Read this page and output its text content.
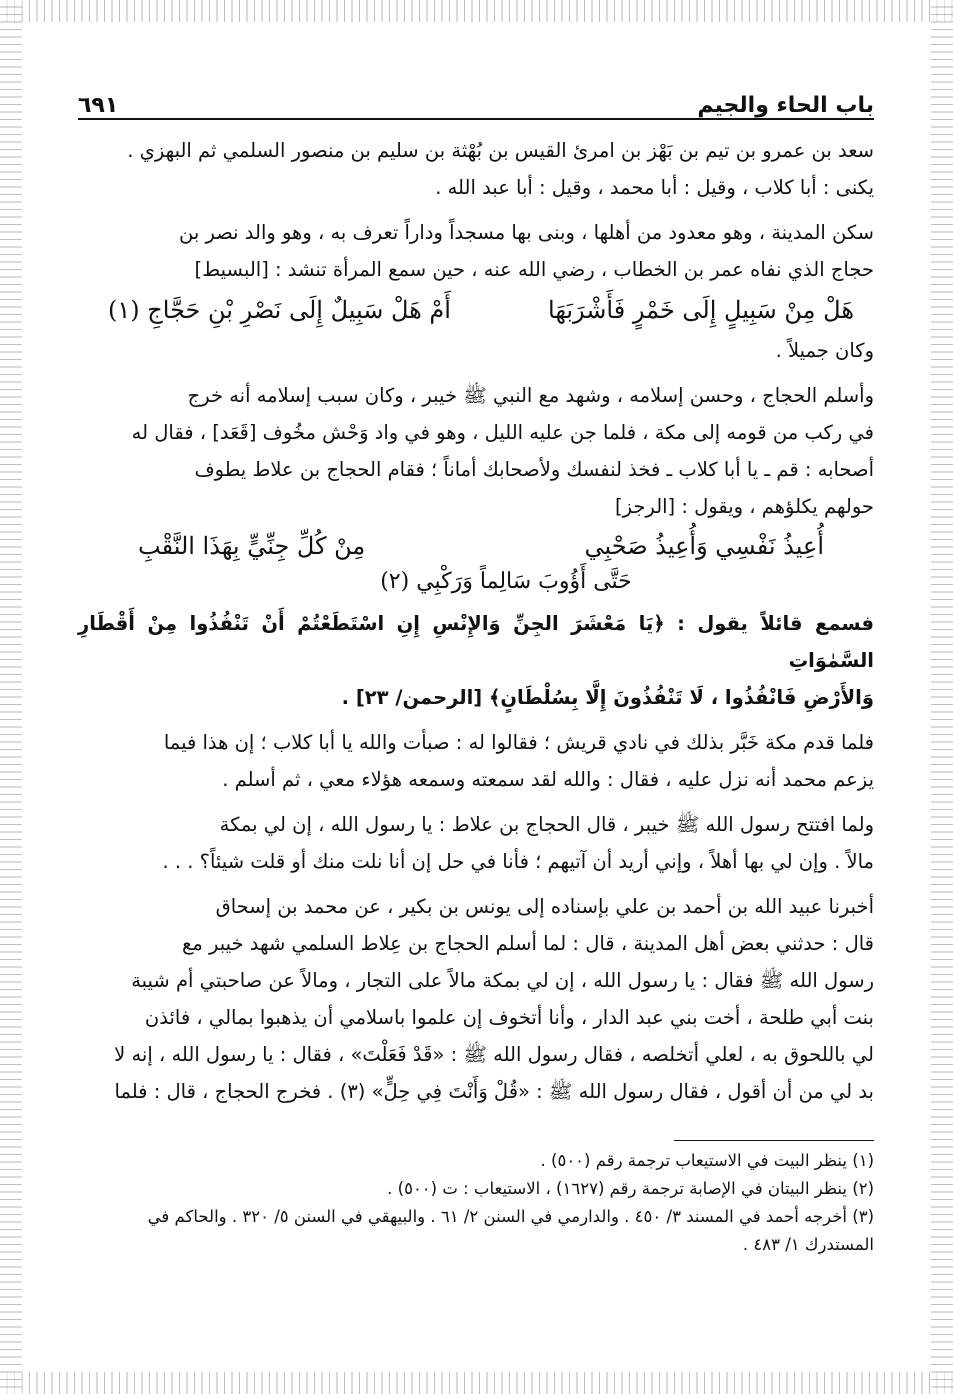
باب الحاء والجيم
٦٩١

سعد بن عمرو بن تيم بن بَهْز بن امرئ القيس بن بُهْثة بن سليم بن منصور السلمي ثم البهزي .

يكنى : أبا كلاب ، وقيل : أبا محمد ، وقيل : أبا عبد الله .

سكن المدينة ، وهو معدود من أهلها ، وبنى بها مسجداً وداراً تعرف به ، وهو والد نصر بن

حجاج الذي نفاه عمر بن الخطاب ، رضي الله عنه ، حين سمع المرأة تنشد : [البسيط]

هَلْ مِنْ سَبِيلٍ إِلَى خَمْرٍ فَأَشْرَبَهَا
أَمْ هَلْ سَبِيلٌ إِلَى نَصْرِ بْنِ حَجَّاجِ (١)

وكان جميلاً .

وأسلم الحجاج ، وحسن إسلامه ، وشهد مع النبي ﷺ خيبر ، وكان سبب إسلامه أنه خرج

في ركب من قومه إلى مكة ، فلما جن عليه الليل ، وهو في واد وَحْش مخُوف [قَعَد] ، فقال له

أصحابه : قم ـ يا أبا كلاب ـ فخذ لنفسك ولأصحابك أماناً ؛ فقام الحجاج بن علاط يطوف

حولهم يكلؤهم ، ويقول : [الرجز]

أُعِيذُ نَفْسِي وَأُعِيذُ صَحْبِي
مِنْ كُلِّ جِنِّيٍّ بِهَذَا النَّقْبِ
حَتَّى أَؤُوبَ سَالِماً وَرَكْبِي (٢)

فسمع قائلاً يقول : ﴿يَا مَعْشَرَ الجِنِّ وَالإِنْسِ إِنِ اسْتَطَعْتُمْ أَنْ تَنْفُذُوا مِنْ أَقْطَارِ السَّمٰوَاتِ

وَالأَرْضِ فَانْفُذُوا ، لَا تَنْفُذُونَ إِلَّا بِسُلْطَانٍ﴾ [الرحمن/ ٢٣] .

فلما قدم مكة خَبَّر بذلك في نادي قريش ؛ فقالوا له : صبأت والله يا أبا كلاب ؛ إن هذا فيما

يزعم محمد أنه نزل عليه ، فقال : والله لقد سمعته وسمعه هؤلاء معي ، ثم أسلم .

ولما افتتح رسول الله ﷺ خيبر ، قال الحجاج بن علاط : يا رسول الله ، إن لي بمكة

مالاً . وإن لي بها أهلاً ، وإني أريد أن آتيهم ؛ فأنا في حل إن أنا نلت منك أو قلت شيئاً؟ . . .

أخبرنا عبيد الله بن أحمد بن علي بإسناده إلى يونس بن بكير ، عن محمد بن إسحاق

قال : حدثني بعض أهل المدينة ، قال : لما أسلم الحجاج بن عِلاط السلمي شهد خيبر مع

رسول الله ﷺ فقال : يا رسول الله ، إن لي بمكة مالاً على التجار ، ومالاً عن صاحبتي أم شيبة

بنت أبي طلحة ، أخت بني عبد الدار ، وأنا أتخوف إن علموا باسلامي أن يذهبوا بمالي ، فائذن

لي باللحوق به ، لعلي أتخلصه ، فقال رسول الله ﷺ : «قَدْ فَعَلْتَ» ، فقال : يا رسول الله ، إنه لا

بد لي من أن أقول ، فقال رسول الله ﷺ : «قُلْ وَأَنْتَ فِي حِلٍّ» (٣) . فخرج الحجاج ، قال : فلما

(١) ينظر البيت في الاستيعاب ترجمة رقم (٥٠٠) .

(٢) ينظر البيتان في الإصابة ترجمة رقم (١٦٢٧) ، الاستيعاب : ت (٥٠٠) .

(٣) أخرجه أحمد في المسند ٣/ ٤٥٠ . والدارمي في السنن ٢/ ٦١ . والبيهقي في السنن ٥/ ٣٢٠ . والحاكم في

المستدرك ١/ ٤٨٣ .
